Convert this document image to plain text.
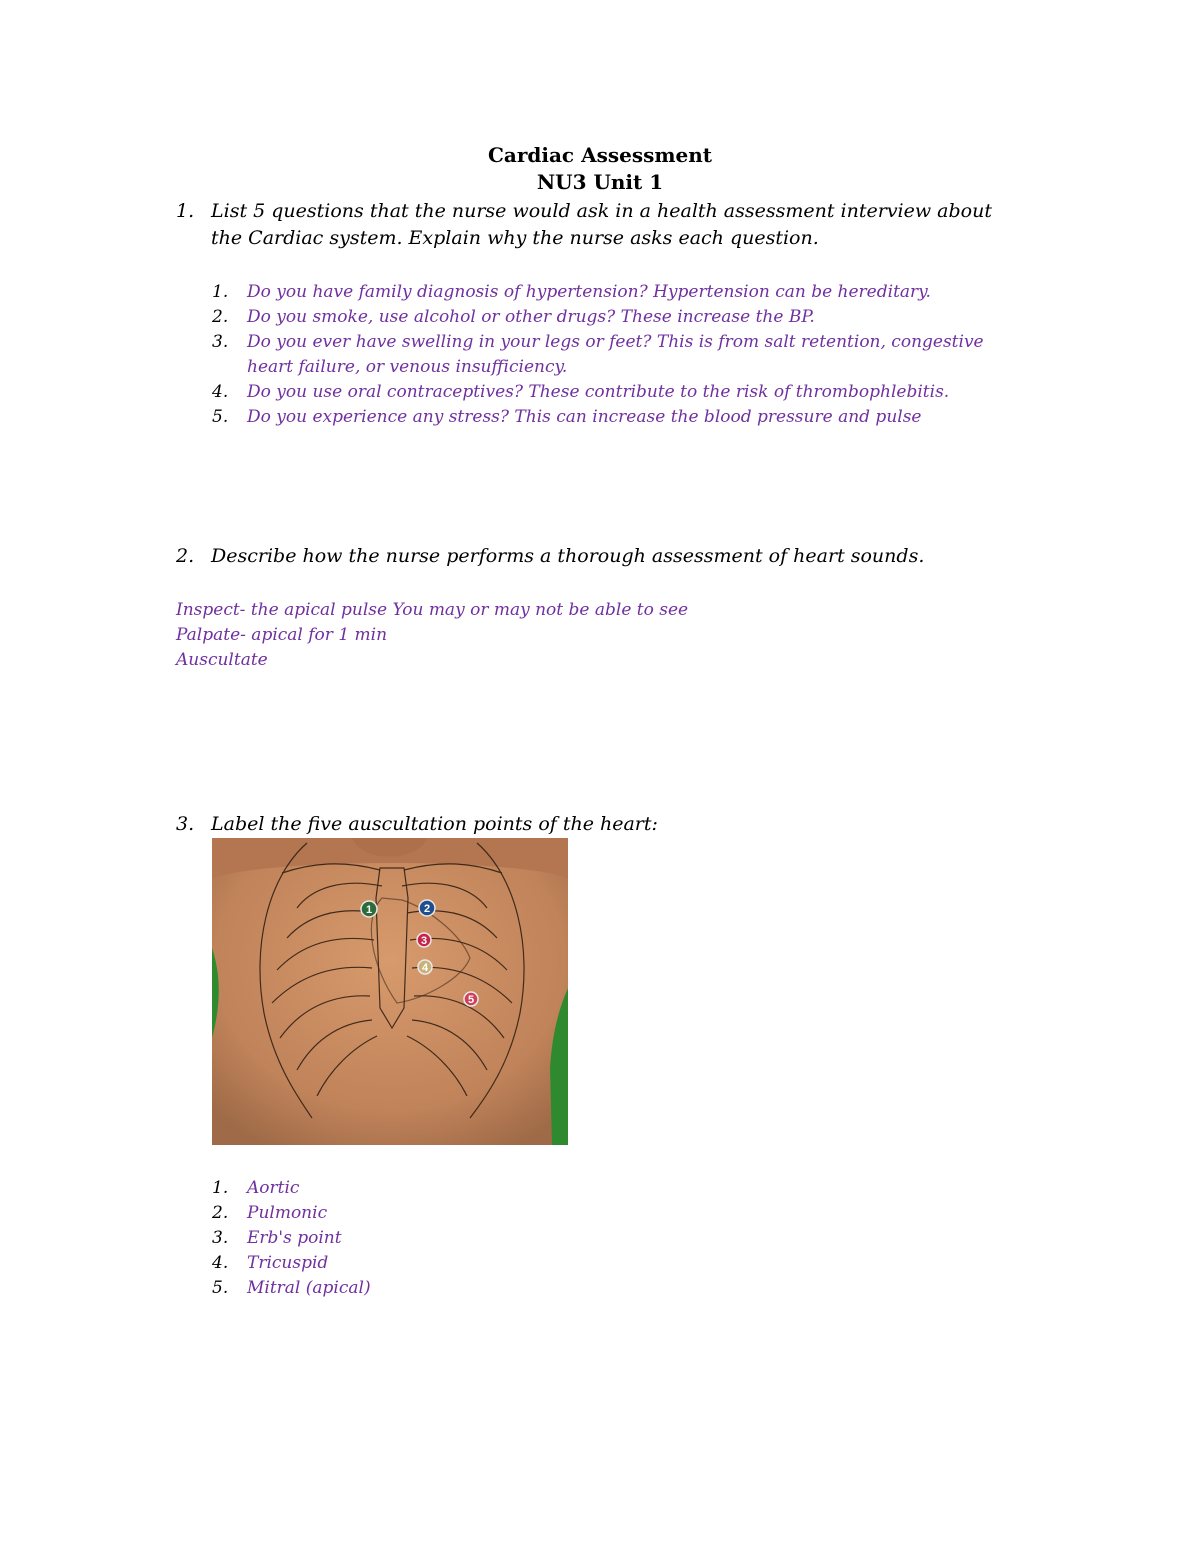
Cardiac Assessment
NU3 Unit 1
1. List 5 questions that the nurse would ask in a health assessment interview about the Cardiac system. Explain why the nurse asks each question.
1. Do you have family diagnosis of hypertension? Hypertension can be hereditary.
2. Do you smoke, use alcohol or other drugs? These increase the BP.
3. Do you ever have swelling in your legs or feet? This is from salt retention, congestive heart failure, or venous insufficiency.
4. Do you use oral contraceptives? These contribute to the risk of thrombophlebitis.
5. Do you experience any stress? This can increase the blood pressure and pulse
2. Describe how the nurse performs a thorough assessment of heart sounds.
Inspect- the apical pulse You may or may not be able to see
Palpate- apical for 1 min
Auscultate
3. Label the five auscultation points of the heart:
1	2
3
4
5
1. Aortic
2. Pulmonic
3. Erb's point
4. Tricuspid
5. Mitral (apical)
